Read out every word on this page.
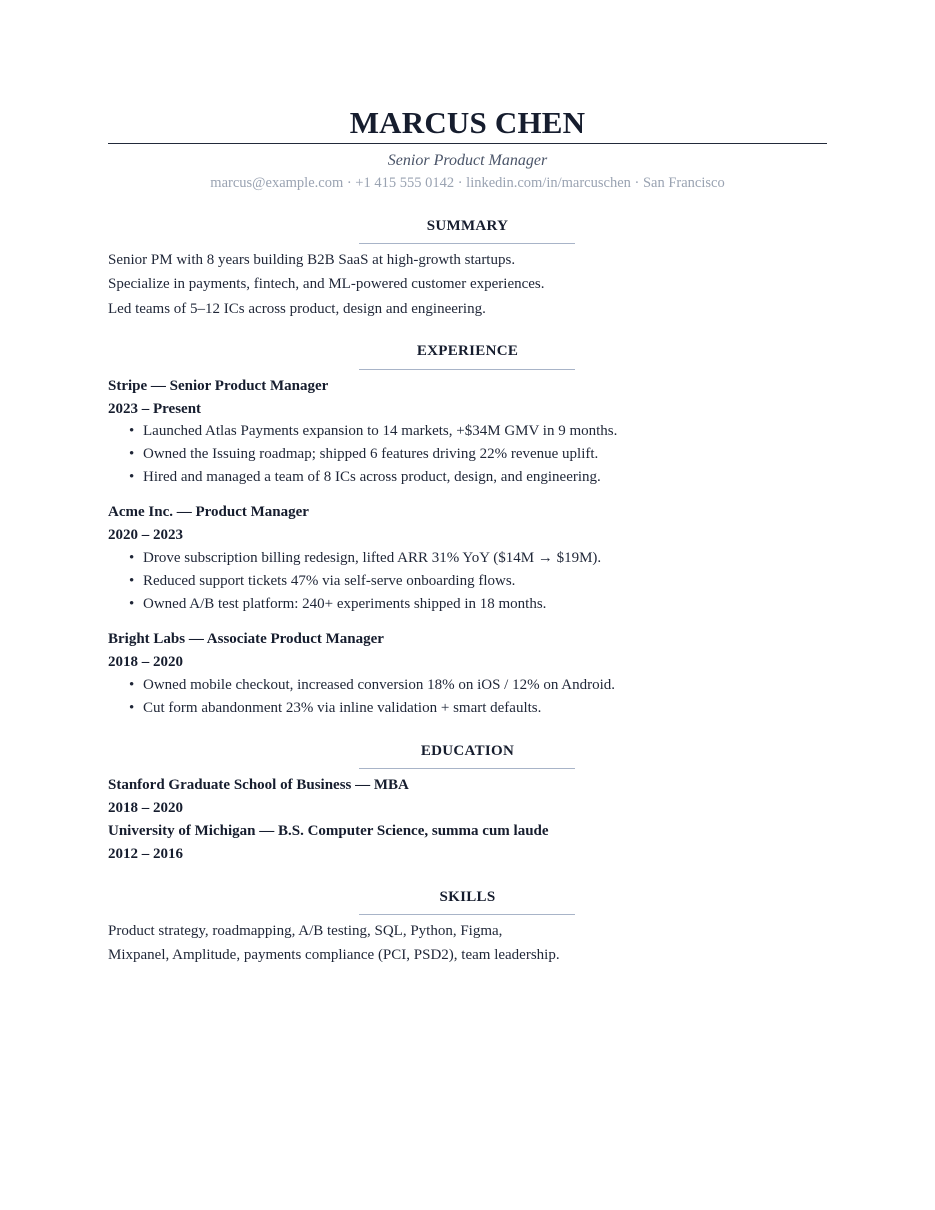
MARCUS CHEN
Senior Product Manager
marcus@example.com · +1 415 555 0142 · linkedin.com/in/marcuschen · San Francisco
SUMMARY
Senior PM with 8 years building B2B SaaS at high-growth startups.
Specialize in payments, fintech, and ML-powered customer experiences.
Led teams of 5–12 ICs across product, design and engineering.
EXPERIENCE
Stripe — Senior Product Manager
2023 – Present
• Launched Atlas Payments expansion to 14 markets, +$34M GMV in 9 months.
• Owned the Issuing roadmap; shipped 6 features driving 22% revenue uplift.
• Hired and managed a team of 8 ICs across product, design, and engineering.
Acme Inc. — Product Manager
2020 – 2023
• Drove subscription billing redesign, lifted ARR 31% YoY ($14M → $19M).
• Reduced support tickets 47% via self-serve onboarding flows.
• Owned A/B test platform: 240+ experiments shipped in 18 months.
Bright Labs — Associate Product Manager
2018 – 2020
• Owned mobile checkout, increased conversion 18% on iOS / 12% on Android.
• Cut form abandonment 23% via inline validation + smart defaults.
EDUCATION
Stanford Graduate School of Business — MBA
2018 – 2020
University of Michigan — B.S. Computer Science, summa cum laude
2012 – 2016
SKILLS
Product strategy, roadmapping, A/B testing, SQL, Python, Figma,
Mixpanel, Amplitude, payments compliance (PCI, PSD2), team leadership.
